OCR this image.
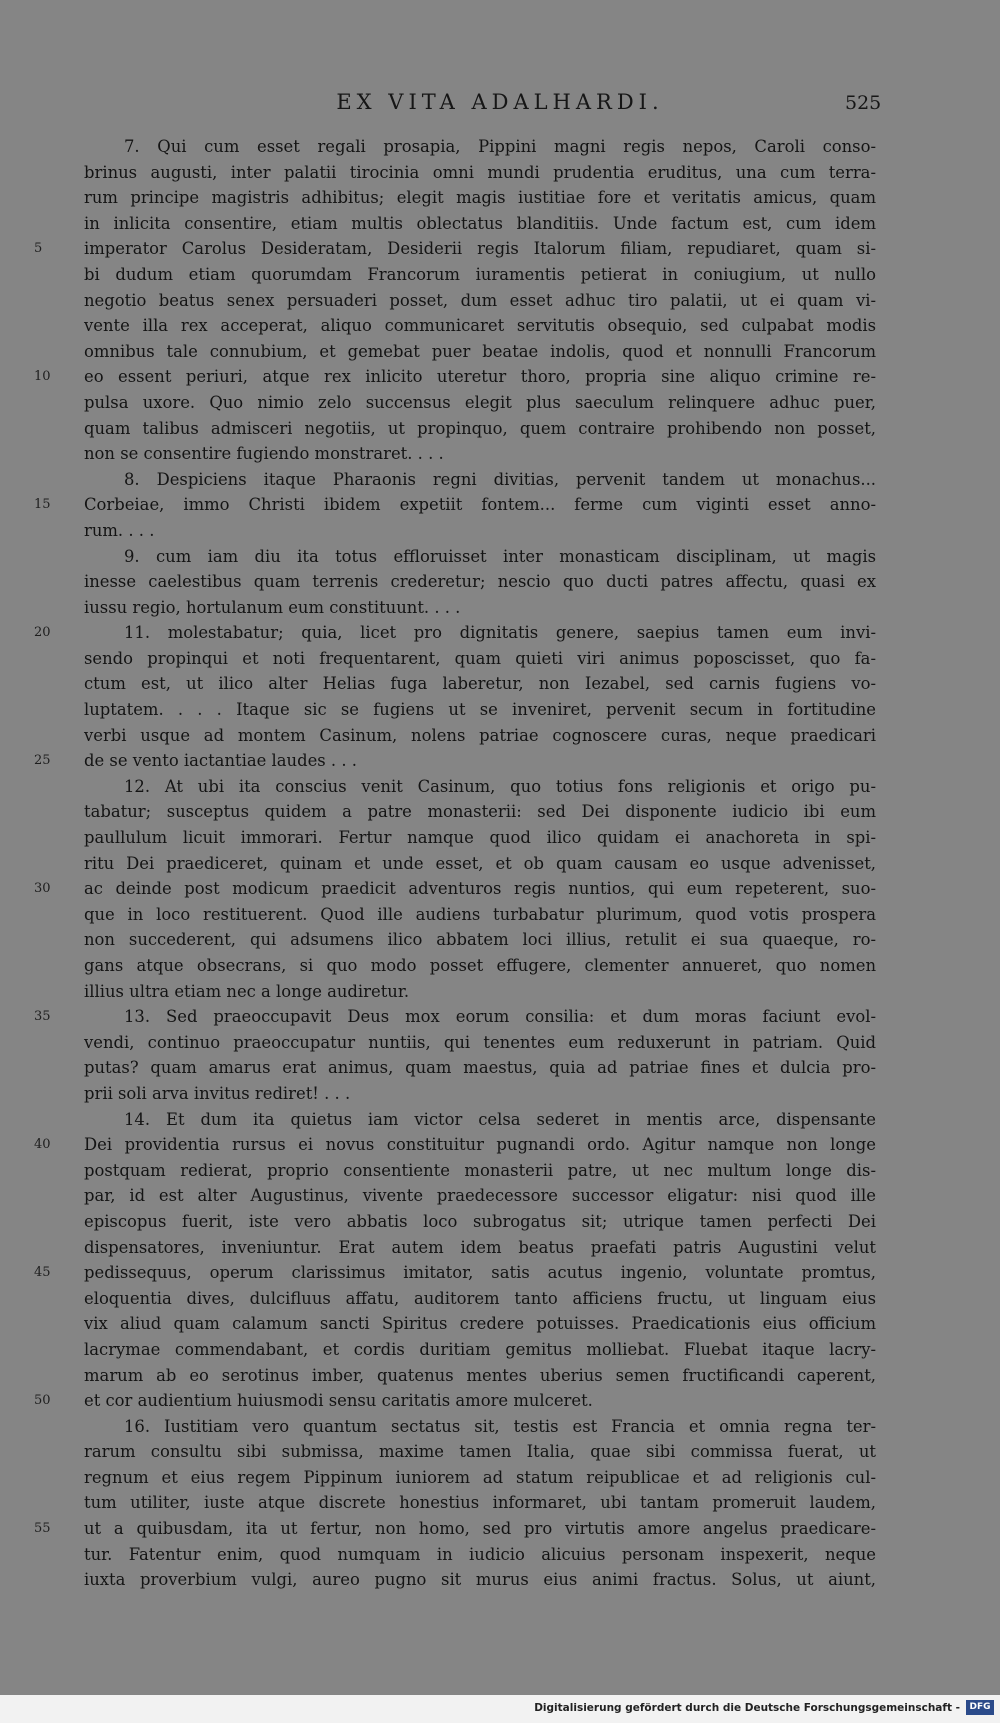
EX VITA ADALHARDI.	525
7. Qui cum esset regali prosapia, Pippini magni regis nepos, Caroli conso-
brinus augusti, inter palatii tirocinia omni mundi prudentia eruditus, una cum terra-
rum principe magistris adhibitus; elegit magis iustitiae fore et veritatis amicus, quam
in inlicita consentire, etiam multis oblectatus blanditiis. Unde factum est, cum idem
5	imperator Carolus Desideratam, Desiderii regis Italorum filiam, repudiaret, quam si-
bi dudum etiam quorumdam Francorum iuramentis petierat in coniugium, ut nullo
negotio beatus senex persuaderi posset, dum esset adhuc tiro palatii, ut ei quam vi-
vente illa rex acceperat, aliquo communicaret servitutis obsequio, sed culpabat modis
omnibus tale connubium, et gemebat puer beatae indolis, quod et nonnulli Francorum
10	eo essent periuri, atque rex inlicito uteretur thoro, propria sine aliquo crimine re-
pulsa uxore. Quo nimio zelo succensus elegit plus saeculum relinquere adhuc puer,
quam talibus admisceri negotiis, ut propinquo, quem contraire prohibendo non posset,
non se consentire fugiendo monstraret. . . .
8. Despiciens itaque Pharaonis regni divitias, pervenit tandem ut monachus...
15	Corbeiae, immo Christi ibidem expetiit fontem... ferme cum viginti esset anno-
rum. . . .
9. cum iam diu ita totus effloruisset inter monasticam disciplinam, ut magis
inesse caelestibus quam terrenis crederetur; nescio quo ducti patres affectu, quasi ex
iussu regio, hortulanum eum constituunt. . . .
20	11. molestabatur; quia, licet pro dignitatis genere, saepius tamen eum invi-
sendo propinqui et noti frequentarent, quam quieti viri animus poposcisset, quo fa-
ctum est, ut ilico alter Helias fuga laberetur, non Iezabel, sed carnis fugiens vo-
luptatem. . . . Itaque sic se fugiens ut se inveniret, pervenit secum in fortitudine
verbi usque ad montem Casinum, nolens patriae cognoscere curas, neque praedicari
25	de se vento iactantiae laudes . . .
12. At ubi ita conscius venit Casinum, quo totius fons religionis et origo pu-
tabatur; susceptus quidem a patre monasterii: sed Dei disponente iudicio ibi eum
paullulum licuit immorari. Fertur namque quod ilico quidam ei anachoreta in spi-
ritu Dei praediceret, quinam et unde esset, et ob quam causam eo usque advenisset,
30	ac deinde post modicum praedicit adventuros regis nuntios, qui eum repeterent, suo-
que in loco restituerent. Quod ille audiens turbabatur plurimum, quod votis prospera
non succederent, qui adsumens ilico abbatem loci illius, retulit ei sua quaeque, ro-
gans atque obsecrans, si quo modo posset effugere, clementer annueret, quo nomen
illius ultra etiam nec a longe audiretur.
35	13. Sed praeoccupavit Deus mox eorum consilia: et dum moras faciunt evol-
vendi, continuo praeoccupatur nuntiis, qui tenentes eum reduxerunt in patriam. Quid
putas? quam amarus erat animus, quam maestus, quia ad patriae fines et dulcia pro-
prii soli arva invitus rediret! . . .
14. Et dum ita quietus iam victor celsa sederet in mentis arce, dispensante
40	Dei providentia rursus ei novus constituitur pugnandi ordo. Agitur namque non longe
postquam redierat, proprio consentiente monasterii patre, ut nec multum longe dis-
par, id est alter Augustinus, vivente praedecessore successor eligatur: nisi quod ille
episcopus fuerit, iste vero abbatis loco subrogatus sit; utrique tamen perfecti Dei
dispensatores, inveniuntur. Erat autem idem beatus praefati patris Augustini velut
45	pedissequus, operum clarissimus imitator, satis acutus ingenio, voluntate promtus,
eloquentia dives, dulcifluus affatu, auditorem tanto afficiens fructu, ut linguam eius
vix aliud quam calamum sancti Spiritus credere potuisses. Praedicationis eius officium
lacrymae commendabant, et cordis duritiam gemitus molliebat. Fluebat itaque lacry-
marum ab eo serotinus imber, quatenus mentes uberius semen fructificandi caperent,
50	et cor audientium huiusmodi sensu caritatis amore mulceret.
16. Iustitiam vero quantum sectatus sit, testis est Francia et omnia regna ter-
rarum consultu sibi submissa, maxime tamen Italia, quae sibi commissa fuerat, ut
regnum et eius regem Pippinum iuniorem ad statum reipublicae et ad religionis cul-
tum utiliter, iuste atque discrete honestius informaret, ubi tantam promeruit laudem,
55	ut a quibusdam, ita ut fertur, non homo, sed pro virtutis amore angelus praedicare-
tur. Fatentur enim, quod numquam in iudicio alicuius personam inspexerit, neque
iuxta proverbium vulgi, aureo pugno sit murus eius animi fractus. Solus, ut aiunt,
Digitalisierung gefördert durch die Deutsche Forschungsgemeinschaft -	DFG
